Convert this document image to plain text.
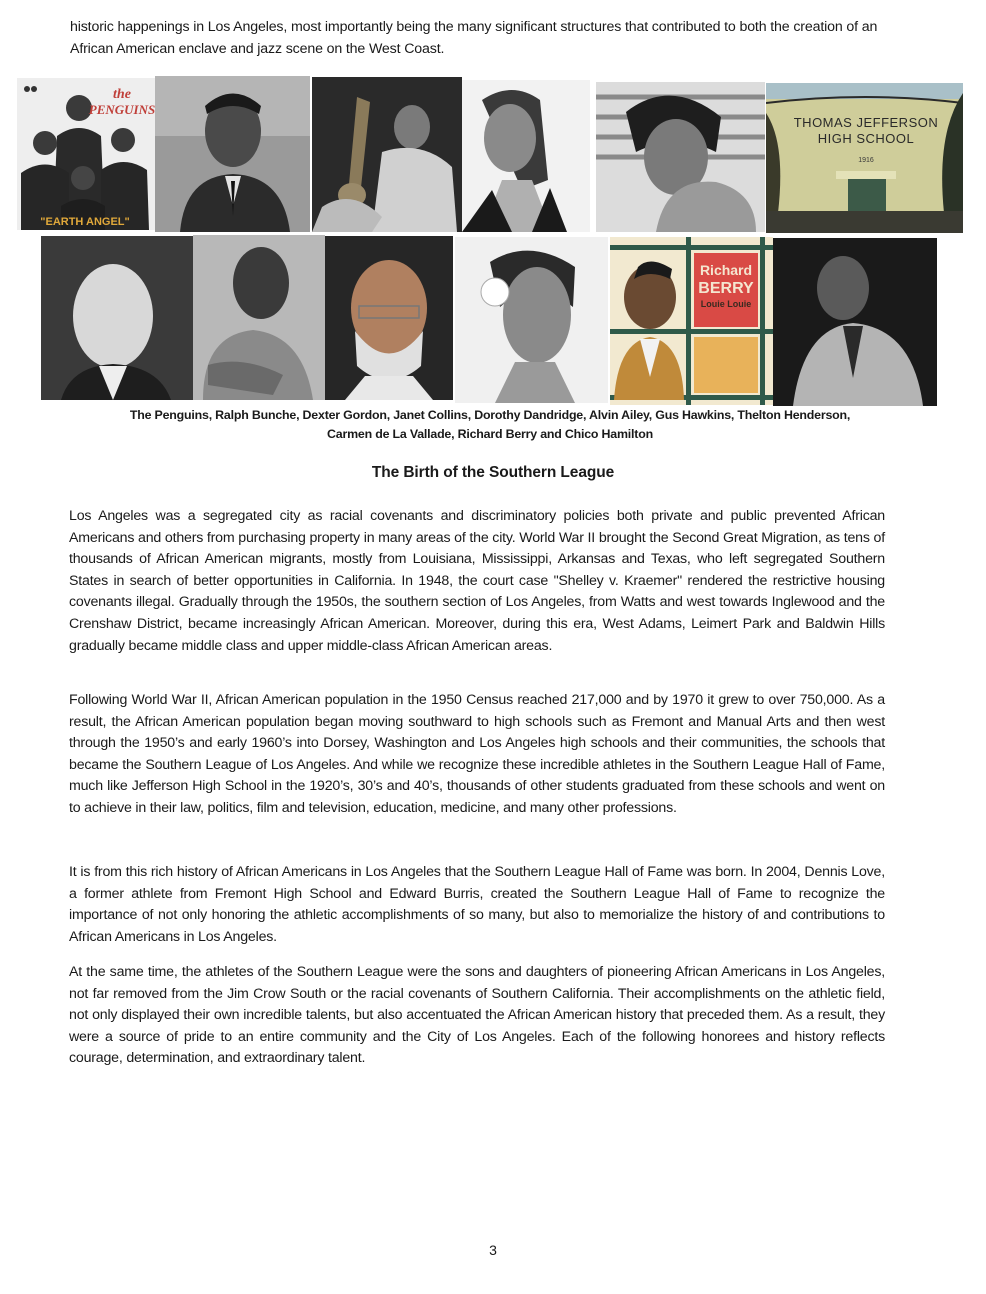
historic happenings in Los Angeles, most importantly being the many significant structures that contributed to both the creation of an African American enclave and jazz scene on the West Coast.
the
PENGUINS
"EARTH ANGEL"
THOMAS JEFFERSON
HIGH SCHOOL
1916
Richard
BERRY
Louie Louie
The Penguins, Ralph Bunche, Dexter Gordon, Janet Collins, Dorothy Dandridge, Alvin Ailey, Gus Hawkins, Thelton Henderson,
Carmen de La Vallade, Richard Berry and Chico Hamilton
The Birth of the Southern League

Los Angeles was a segregated city as racial covenants and discriminatory policies both private and public prevented African Americans and others from purchasing property in many areas of the city. World War II brought the Second Great Migration, as tens of thousands of African American migrants, mostly from Louisiana, Mississippi, Arkansas and Texas, who left segregated Southern States in search of better opportunities in California. In 1948, the court case "Shelley v. Kraemer" rendered the restrictive housing covenants illegal. Gradually through the 1950s, the southern section of Los Angeles, from Watts and west towards Inglewood and the Crenshaw District, became increasingly African American. Moreover, during this era, West Adams, Leimert Park and Baldwin Hills gradually became middle class and upper middle-class African American areas.

Following World War II, African American population in the 1950 Census reached 217,000 and by 1970 it grew to over 750,000. As a result, the African American population began moving southward to high schools such as Fremont and Manual Arts and then west through the 1950’s and early 1960’s into Dorsey, Washington and Los Angeles high schools and their communities, the schools that became the Southern League of Los Angeles. And while we recognize these incredible athletes in the Southern League Hall of Fame, much like Jefferson High School in the 1920’s, 30’s and 40’s, thousands of other students graduated from these schools and went on to achieve in their law, politics, film and television, education, medicine, and many other professions.

It is from this rich history of African Americans in Los Angeles that the Southern League Hall of Fame was born. In 2004, Dennis Love, a former athlete from Fremont High School and Edward Burris, created the Southern League Hall of Fame to recognize the importance of not only honoring the athletic accomplishments of so many, but also to memorialize the history of and contributions to African Americans in Los Angeles.

At the same time, the athletes of the Southern League were the sons and daughters of pioneering African Americans in Los Angeles, not far removed from the Jim Crow South or the racial covenants of Southern California. Their accomplishments on the athletic field, not only displayed their own incredible talents, but also accentuated the African American history that preceded them. As a result, they were a source of pride to an entire community and the City of Los Angeles. Each of the following honorees and history reflects courage, determination, and extraordinary talent.

3
